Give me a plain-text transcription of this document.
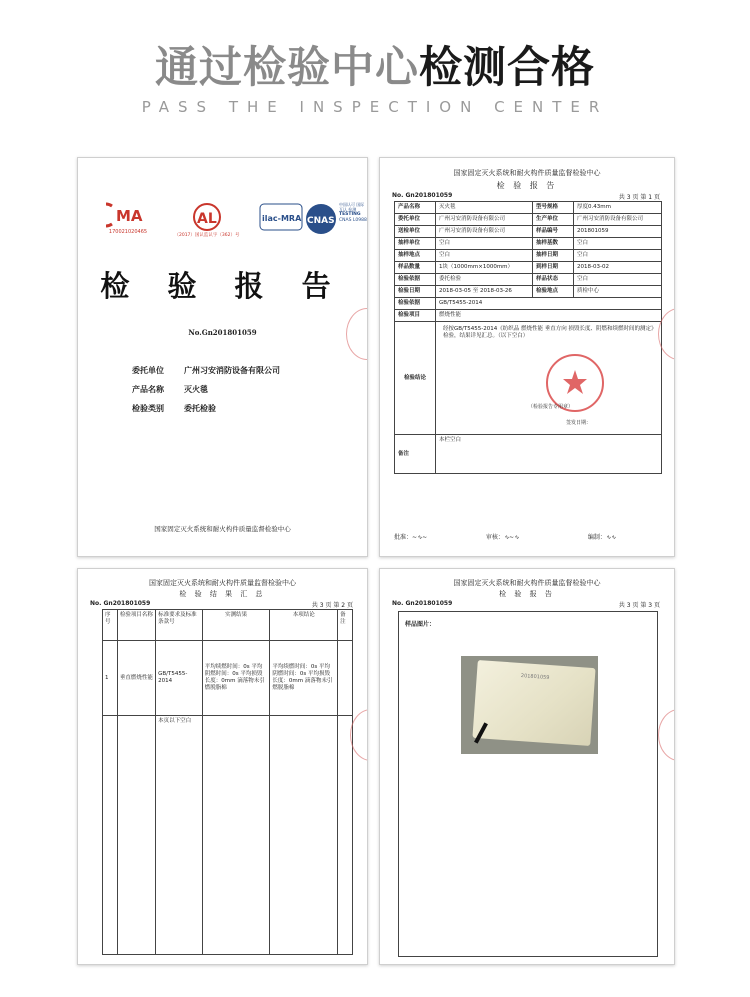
通过检验中心检测合格
PASS THE INSPECTION CENTER
MA
170021020465
AL
（2017）国认监认字（362）号
ilac-MRA CNAS
中国认可 国际互认 检测
TESTING
CNAS L0988
检 验 报 告
No.Gn201801059
委托单位	广州习安消防设备有限公司
产品名称	灭火毯
检验类别	委托检验
国家固定灭火系统和耐火构件质量监督检验中心
国家固定灭火系统和耐火构件质量监督检验中心
检 验 报 告
No. Gn201801059	共 3 页 第 1 页
产品名称	灭火毯	型号规格	厚度0.43mm
委托单位	广州习安消防设备有限公司	生产单位	广州习安消防设备有限公司
送检单位	广州习安消防设备有限公司	样品编号	201801059
抽样单位	空白	抽样基数	空白
抽样地点	空白	抽样日期	空白
样品数量	1块（1000mm×1000mm）	到样日期	2018-03-02
检验依据	委托检验	样品状态	空白
检验日期	2018-03-05 至 2018-03-26	检验地点	质检中心
检验依据	GB/T5455-2014		
检验项目	燃烧性能		
检验结论	经按GB/T5455-2014《纺织品 燃烧性能 垂直方向 损毁长度、阴燃和续燃时间的测定》检验，结果详见汇总。（以下空白）
（检验报告专用章）
签发日期：		

备注	本栏空白		
批准：~∿~	审核：∿~∿	编制：∿∿
国家固定灭火系统和耐火构件质量监督检验中心
检 验 结 果 汇 总
No. Gn201801059	共 3 页 第 2 页
序号	检验项目名称	标准要求及标准条款号	实测结果	本项结论	备注
1	垂直燃烧性能	GB/T5455-2014	平均续燃时间：0s 平均阴燃时间：0s 平均损毁长度：0mm 滴落物未引燃脱脂棉	平均续燃时间：0s 平均阴燃时间：0s 平均损毁长度：0mm 滴落物未引燃脱脂棉	
		本页以下空白			
国家固定灭火系统和耐火构件质量监督检验中心
检 验 报 告
No. Gn201801059	共 3 页 第 3 页
样品图片：
201801059
